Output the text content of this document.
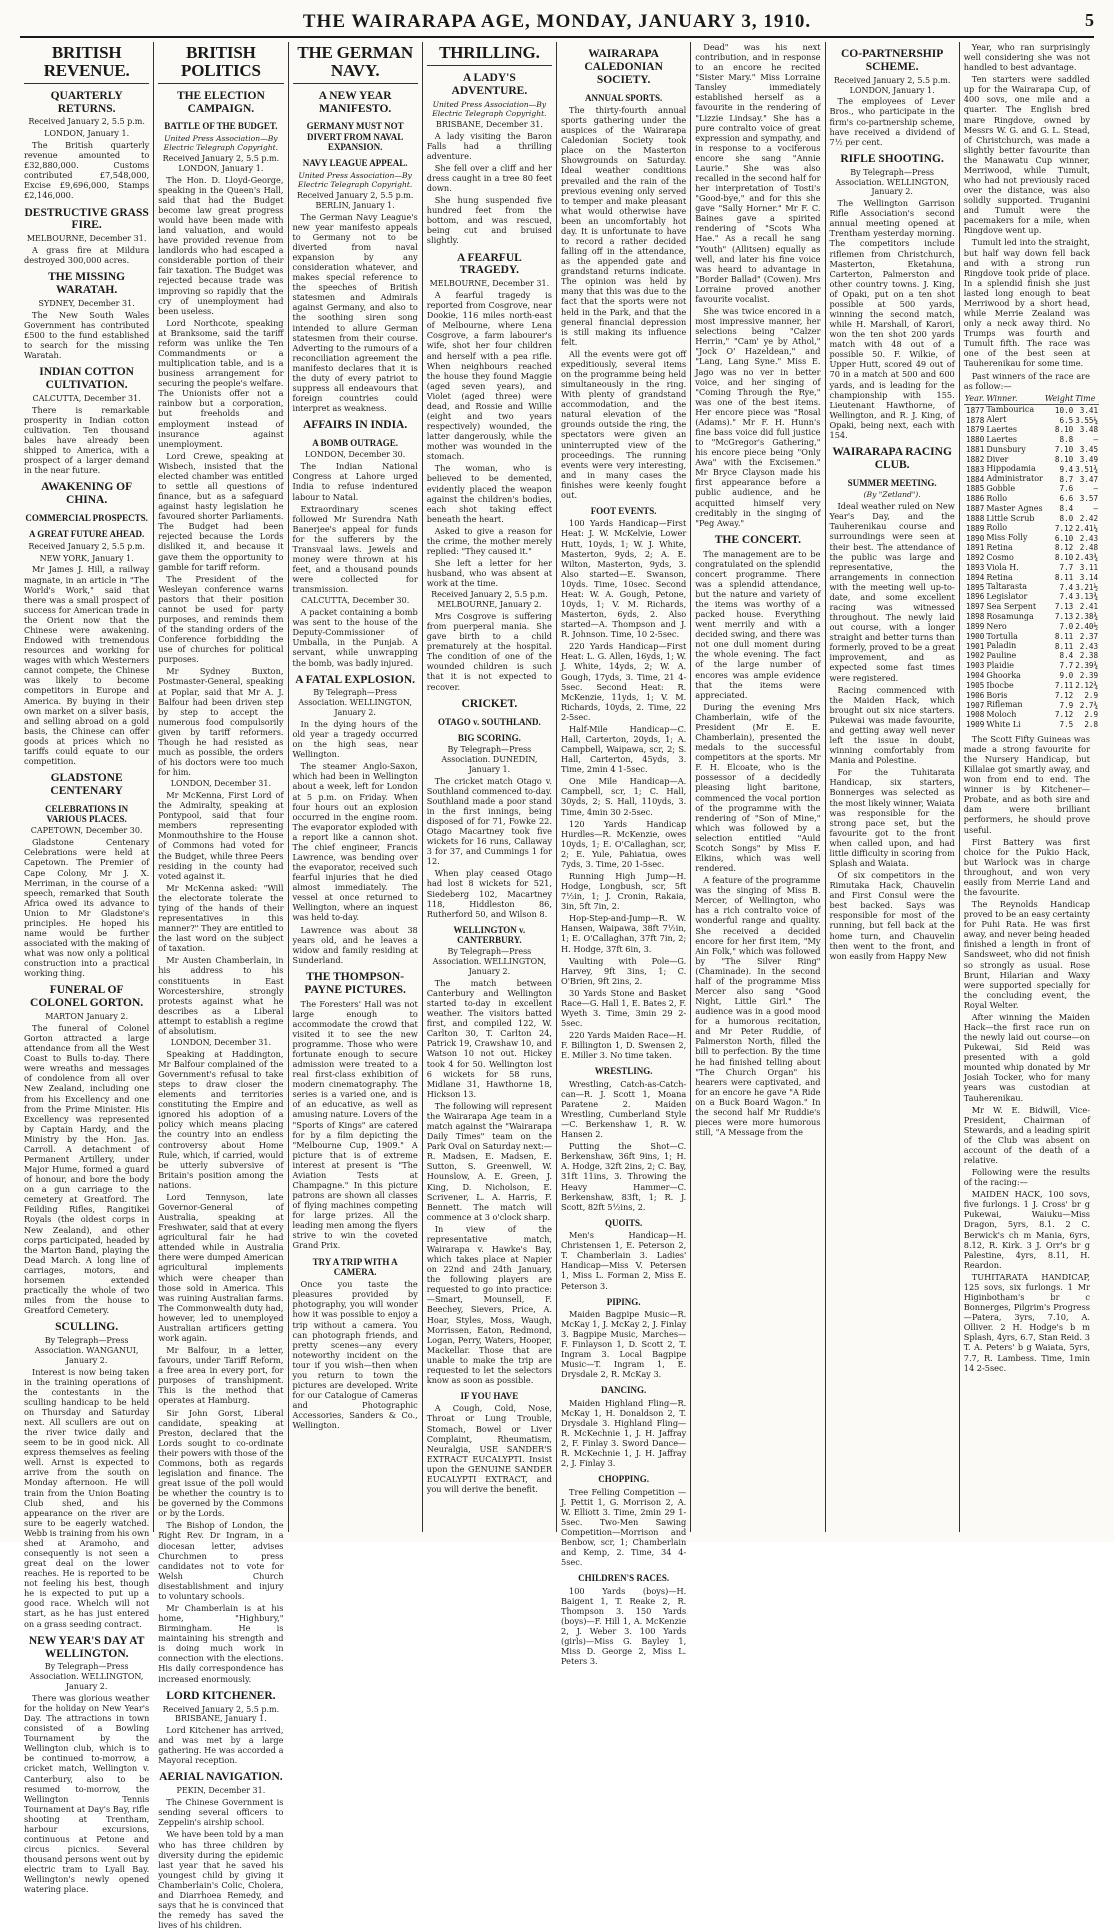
THE WAIRARAPA AGE, MONDAY, JANUARY 3, 1910.	5
BRITISH REVENUE.
QUARTERLY RETURNS.
Received January 2, 5.5 p.m.
LONDON, January 1.

The British quarterly revenue amounted to £32,880,000. Customs contributed £7,548,000, Excise £9,696,000, Stamps £2,146,000.

DESTRUCTIVE GRASS FIRE.
MELBOURNE, December 31.

A grass fire at Mildura destroyed 300,000 acres.

THE MISSING WARATAH.
SYDNEY, December 31.

The New South Wales Government has contributed £500 to the fund established to search for the missing Waratah.

INDIAN COTTON CULTIVATION.
CALCUTTA, December 31.

There is remarkable prosperity in Indian cotton cultivation. Ten thousand bales have already been shipped to America, with a prospect of a larger demand in the near future.

AWAKENING OF CHINA.
COMMERCIAL PROSPECTS.
A GREAT FUTURE AHEAD.
Received January 2, 5.5 p.m.
NEW YORK, January 1.

Mr James J. Hill, a railway magnate, in an article in "The World's Work," said that there was a small prospect of success for American trade in the Orient now that the Chinese were awakening. Endowed with tremendous resources and working for wages with which Westerners cannot compete, the Chinese was likely to become competitors in Europe and America. By buying in their own market on a silver basis, and selling abroad on a gold basis, the Chinese can offer goods at prices which no tariffs could equate to our competition.

GLADSTONE CENTENARY
CELEBRATIONS IN VARIOUS PLACES.
CAPETOWN, December 30.

Gladstone Centenary Celebrations were held at Capetown. The Premier of Cape Colony, Mr J. X. Merriman, in the course of a speech, remarked that South Africa owed its advance to Union to Mr Gladstone's principles. He hoped his name would be further associated with the making of what was now only a political construction into a practical working thing.

FUNERAL OF COLONEL GORTON.
MARTON January 2.

The funeral of Colonel Gorton attracted a large attendance from all the West Coast to Bulls to-day. There were wreaths and messages of condolence from all over New Zealand, including one from his Excellency and one from the Prime Minister. His Excellency was represented by Captain Hardy, and the Ministry by the Hon. Jas. Carroll. A detachment of Permanent Artillery, under Major Hume, formed a guard of honour, and bore the body on a gun carriage to the cemetery at Greatford. The Feilding Rifles, Rangitikei Royals (the oldest corps in New Zealand), and other corps participated, headed by the Marton Band, playing the Dead March. A long line of carriages, motors, and horsemen extended practically the whole of two miles from the house to Greatford Cemetery.

SCULLING.
By Telegraph—Press Association. WANGANUI, January 2.

Interest is now being taken in the training operations of the contestants in the sculling handicap to be held on Thursday and Saturday next. All scullers are out on the river twice daily and seem to be in good nick. All express themselves as feeling well. Arnst is expected to arrive from the south on Monday afternoon. He will train from the Union Boating Club shed, and his appearance on the river are sure to be eagerly watched. Webb is training from his own shed at Aramoho, and consequently is not seen a great deal on the lower reaches. He is reported to be not feeling his best, though he is expected to put up a good race. Whelch will not start, as he has just entered on a grass seeding contract.

NEW YEAR'S DAY AT WELLINGTON.
By Telegraph—Press Association. WELLINGTON, January 2.

There was glorious weather for the holiday on New Year's Day. The attractions in town consisted of a Bowling Tournament by the Wellington club, which is to be continued to-morrow, a cricket match, Wellington v. Canterbury, also to be resumed to-morrow, the Wellington Tennis Tournament at Day's Bay, rifle shooting at Trentham, harbour excursions, continuous at Petone and circus picnics. Several thousand persons went out by electric tram to Lyall Bay. Wellington's newly opened watering place.

BRITISH POLITICS
THE ELECTION CAMPAIGN.
BATTLE OF THE BUDGET.
United Press Association—By Electric Telegraph Copyright.
Received January 2, 5.5 p.m. LONDON, January 1.

The Hon. D. Lloyd-George, speaking in the Queen's Hall, said that had the Budget become law great progress would have been made with land valuation, and would have provided revenue from landlords who had escaped a considerable portion of their fair taxation. The Budget was rejected because trade was improving so rapidly that the cry of unemployment had been useless.

Lord Northcote, speaking at Branksome, said the tariff reform was unlike the Ten Commandments or a multiplication table, and is a business arrangement for securing the people's welfare. The Unionists offer not a rainbow but a corporation, but freeholds and employment instead of insurance against unemployment.

Lord Crewe, speaking at Wisbech, insisted that the elected chamber was entitled to settle all questions of finance, but as a safeguard against hasty legislation he favoured shorter Parliaments. The Budget had been rejected because the Lords disliked it, and because it gave them the opportunity to gamble for tariff reform.

The President of the Wesleyan conference warns pastors that their position cannot be used for party purposes, and reminds them of the standing orders of the Conference forbidding the use of churches for political purposes.

Mr Sydney Buxton, Postmaster-General, speaking at Poplar, said that Mr A. J. Balfour had been driven step by step to accept the numerous food compulsorily given by tariff reformers. Though he had resisted as much as possible, the orders of his doctors were too much for him.

LONDON, December 31.

Mr McKenna, First Lord of the Admiralty, speaking at Pontypool, said that four members representing Monmouthshire to the House of Commons had voted for the Budget, while three Peers residing in the county had voted against it.

Mr McKenna asked: "Will the electorate tolerate the tying of the hands of their representatives in this manner?" They are entitled to the last word on the subject of taxation.

Mr Austen Chamberlain, in his address to his constituents in East Worcestershire, strongly protests against what he describes as a Liberal attempt to establish a regime of absolutism.

LONDON, December 31.

Speaking at Haddington, Mr Balfour complained of the Government's refusal to take steps to draw closer the elements and territories constituting the Empire and ignored his adoption of a policy which means placing the country into an endless controversy about Home Rule, which, if carried, would be utterly subversive of Britain's position among the nations.

Lord Tennyson, late Governor-General of Australia, speaking at Freshwater, said that at every agricultural fair he had attended while in Australia there were dumped American agricultural implements which were cheaper than those sold in America. This was ruining Australian farms. The Commonwealth duty had, however, led to unemployed Australian artificers getting work again.

Mr Balfour, in a letter, favours, under Tariff Reform, a free area in every port, for purposes of transhipment. This is the method that operates at Hamburg.

Sir John Gorst, Liberal candidate, speaking at Preston, declared that the Lords sought to co-ordinate their powers with those of the Commons, both as regards legislation and finance. The great issue of the poll would be whether the country is to be governed by the Commons or by the Lords.

The Bishop of London, the Right Rev. Dr Ingram, in a diocesan letter, advises Churchmen to press candidates not to vote for Welsh Church disestablishment and injury to voluntary schools.

Mr Chamberlain is at his home, "Highbury," Birmingham. He is maintaining his strength and is doing much work in connection with the elections. His daily correspondence has increased enormously.

LORD KITCHENER.
Received January 2, 5.5 p.m. BRISBANE, January 1.

Lord Kitchener has arrived, and was met by a large gathering. He was accorded a Mayoral reception.

AERIAL NAVIGATION.
PEKIN, December 31.

The Chinese Government is sending several officers to Zeppelin's airship school.

We have been told by a man who has three children by diversity during the epidemic last year that he saved his youngest child by giving it Chamberlain's Colic, Cholera, and Diarrhoea Remedy, and says that he is convinced that the remedy has saved the lives of his children.

THE GERMAN NAVY.
A NEW YEAR MANIFESTO.
GERMANY MUST NOT DIVERT FROM NAVAL EXPANSION.
NAVY LEAGUE APPEAL.
United Press Association—By Electric Telegraph Copyright.
Received January 2, 5.5 p.m. BERLIN, January 1.

The German Navy League's new year manifesto appeals to Germany not to be diverted from naval expansion by any consideration whatever, and makes special reference to the speeches of British statesmen and Admirals against Germany, and also to the soothing siren song intended to allure German statesmen from their course. Adverting to the rumours of a reconciliation agreement the manifesto declares that it is the duty of every patriot to suppress all endeavours that foreign countries could interpret as weakness.

AFFAIRS IN INDIA.
A BOMB OUTRAGE.
LONDON, December 30.

The Indian National Congress at Lahore urged India to refuse indentured labour to Natal.

Extraordinary scenes followed Mr Surendra Nath Banerjee's appeal for funds for the sufferers by the Transvaal laws. Jewels and money were thrown at his feet, and a thousand pounds were collected for transmission.

CALCUTTA, December 30.

A packet containing a bomb was sent to the house of the Deputy-Commissioner of Umballa, in the Punjab. A servant, while unwrapping the bomb, was badly injured.

A FATAL EXPLOSION.
By Telegraph—Press Association. WELLINGTON, January 2.

In the dying hours of the old year a tragedy occurred on the high seas, near Wellington.

The steamer Anglo-Saxon, which had been in Wellington about a week, left for London at 5 p.m. on Friday. When four hours out an explosion occurred in the engine room. The evaporator exploded with a report like a cannon shot. The chief engineer, Francis Lawrence, was bending over the evaporator, received such fearful injuries that he died almost immediately. The vessel at once returned to Wellington, where an inquest was held to-day.

Lawrence was about 38 years old, and he leaves a widow and family residing at Sunderland.

THE THOMPSON-PAYNE PICTURES.

The Foresters' Hall was not large enough to accommodate the crowd that visited it to see the new programme. Those who were fortunate enough to secure admission were treated to a real first-class exhibition of modern cinematography. The series is a varied one, and is of an educative, as well as amusing nature. Lovers of the "Sports of Kings" are catered for by a film depicting the "Melbourne Cup, 1909." A picture that is of extreme interest at present is "The Aviation Tests at Champagne." In this picture patrons are shown all classes of flying machines competing for large prizes. All the leading men among the flyers strive to win the coveted Grand Prix.

TRY A TRIP WITH A CAMERA.

Once you taste the pleasures provided by photography, you will wonder how it was possible to enjoy a trip without a camera. You can photograph friends, and pretty scenes—any every noteworthy incident on the tour if you wish—then when you return to town the pictures are developed. Write for our Catalogue of Cameras and Photographic Accessories, Sanders & Co., Wellington.

THRILLING.
A LADY'S ADVENTURE.
United Press Association—By Electric Telegraph Copyright.
BRISBANE, December 31.

A lady visiting the Baron Falls had a thrilling adventure.

She fell over a cliff and her dress caught in a tree 80 feet down.

She hung suspended five hundred feet from the bottom, and was rescued, being cut and bruised slightly.

A FEARFUL TRAGEDY.
MELBOURNE, December 31.

A fearful tragedy is reported from Cosgrove, near Dookie, 116 miles north-east of Melbourne, where Lena Cosgrove, a farm labourer's wife, shot her four children and herself with a pea rifle. When neighbours reached the house they found Maggie (aged seven years), and Violet (aged three) were dead, and Rossie and Willie (eight and two years respectively) wounded, the latter dangerously, while the mother was wounded in the stomach.

The woman, who is believed to be demented, evidently placed the weapon against the children's bodies, each shot taking effect beneath the heart.

Asked to give a reason for the crime, the mother merely replied: "They caused it."

She left a letter for her husband, who was absent at work at the time.

Received January 2, 5.5 p.m. MELBOURNE, January 2.

Mrs Cosgrove is suffering from puerperal mania. She gave birth to a child prematurely at the hospital. The condition of one of the wounded children is such that it is not expected to recover.

CRICKET.
OTAGO v. SOUTHLAND.
BIG SCORING.
By Telegraph—Press Association. DUNEDIN, January 1.

The cricket match Otago v. Southland commenced to-day. Southland made a poor stand in the first innings, being disposed of for 71, Fowke 22. Otago Macartney took five wickets for 16 runs, Callaway 3 for 37, and Cummings 1 for 12.

When play ceased Otago had lost 8 wickets for 521, Siedeberg 102, Macartney 118, Hiddleston 86, Rutherford 50, and Wilson 8.

WELLINGTON v. CANTERBURY.
By Telegraph—Press Association. WELLINGTON, January 2.

The match between Canterbury and Wellington started to-day in excellent weather. The visitors batted first, and compiled 122, W. Carlton 30, T. Carlton 24, Patrick 19, Crawshaw 10, and Watson 10 not out. Hickey took 4 for 50. Wellington lost 6 wickets for 58 runs, Midlane 31, Hawthorne 18, Hickson 13.

The following will represent the Wairarapa Age team in a match against the "Wairarapa Daily Times" team on the Park Oval on Saturday next:—R. Madsen, E. Madsen, E. Sutton, S. Greenwell, W. Hounslow, A. E. Green, J. King, D. Nicholson, E. Scrivener, L. A. Harris, F. Bennett. The match will commence at 3 o'clock sharp.

In view of the representative match, Wairarapa v. Hawke's Bay, which takes place at Napier on 22nd and 24th January, the following players are requested to go into practice:—Smart, Mounsell, F. Beechey, Sievers, Price, A. Hoar, Styles, Moss, Waugh, Morrissen, Eaton, Redmond, Logan, Perry, Waters, Hooper, Mackellar. Those that are unable to make the trip are requested to let the selectors know as soon as possible.

IF YOU HAVE

A Cough, Cold, Nose, Throat or Lung Trouble, Stomach, Bowel or Liver Complaint, Rheumatism, Neuralgia, USE SANDER'S EXTRACT EUCALYPTI. Insist upon the GENUINE SANDER EUCALYPTI EXTRACT, and you will derive the benefit.

WAIRARAPA CALEDONIAN SOCIETY.
ANNUAL SPORTS.

The thirty-fourth annual sports gathering under the auspices of the Wairarapa Caledonian Society took place on the Masterton Showgrounds on Saturday. Ideal weather conditions prevailed and the rain of the previous evening only served to temper and make pleasant what would otherwise have been an uncomfortably hot day. It is unfortunate to have to record a rather decided falling off in the attendance, as the appended gate and grandstand returns indicate. The opinion was held by many that this was due to the fact that the sports were not held in the Park, and that the general financial depression is still making its influence felt.

All the events were got off expeditiously, several items on the programme being held simultaneously in the ring. With plenty of grandstand accommodation, and the natural elevation of the grounds outside the ring, the spectators were given an uninterrupted view of the proceedings. The running events were very interesting, and in many cases the finishes were keenly fought out.

FOOT EVENTS.

100 Yards Handicap—First Heat: J. W. McKelvie, Lower Hutt, 10yds, 1; W. J. White, Masterton, 9yds, 2; A. E. Wilton, Masterton, 9yds, 3. Also started—E. Swanson, 10yds. Time, 10sec. Second Heat: W. A. Gough, Petone, 10yds, 1; V. M. Richards, Masterton, 6yds, 2. Also started—A. Thompson and J. R. Johnson. Time, 10 2-5sec.

220 Yards Handicap—First Heat: L. G. Allen, 16yds, 1; W. J. White, 14yds, 2; W. A. Gough, 17yds, 3. Time, 21 4-5sec. Second Heat: R. McKenzie, 11yds, 1; V. M. Richards, 10yds, 2. Time, 22 2-5sec.

Half-Mile Handicap—C. Hall, Carterton, 20yds, 1; A. Campbell, Waipawa, scr, 2; S. Hall, Carterton, 45yds, 3. Time, 2min 4 1-5sec.

One Mile Handicap—A. Campbell, scr, 1; C. Hall, 30yds, 2; S. Hall, 110yds, 3. Time, 4min 30 2-5sec.

120 Yards Handicap Hurdles—R. McKenzie, owes 10yds, 1; E. O'Callaghan, scr, 2; E. Yule, Pahiatua, owes 7yds, 3. Time, 20 1-5sec.

Running High Jump—H. Hodge, Longbush, scr, 5ft 7½in, 1; J. Cronin, Rakaia, 3in, 5ft 7in, 2.

Hop-Step-and-Jump—R. W. Hansen, Waipawa, 38ft 7½in, 1; E. O'Callaghan, 37ft 7in, 2; H. Hodge, 37ft 6in, 3.

Vaulting with Pole—G. Harvey, 9ft 3ins, 1; C. O'Brien, 9ft 2ins, 2.

30 Yards Stone and Basket Race—G. Hall 1, E. Bates 2, F. Wyeth 3. Time, 3min 29 2-5sec.

220 Yards Maiden Race—H. F. Billington 1, D. Swensen 2, E. Miller 3. No time taken.

WRESTLING.

Wrestling, Catch-as-Catch-can—R. J. Scott 1, Moana Paratene 2. Maiden Wrestling, Cumberland Style—C. Berkenshaw 1, R. W. Hansen 2.

Putting the Shot—C. Berkenshaw, 36ft 9ins, 1; H. A. Hodge, 32ft 2ins, 2; C. Bay, 31ft 11ins, 3. Throwing the Heavy Hammer—C. Berkenshaw, 83ft, 1; R. J. Scott, 82ft 5½ins, 2.

QUOITS.

Men's Handicap—H. Christensen 1, E. Peterson 2, T. Chamberlain 3. Ladies' Handicap—Miss V. Petersen 1, Miss L. Forman 2, Miss E. Peterson 3.

PIPING.

Maiden Bagpipe Music—R. McKay 1, J. McKay 2, J. Finlay 3. Bagpipe Music, Marches—F. Finlayson 1, D. Scott 2, T. Ingram 3. Local Bagpipe Music—T. Ingram 1, E. Drysdale 2, R. McKay 3.

DANCING.

Maiden Highland Fling—R. McKay 1, H. Donaldson 2, T. Drysdale 3. Highland Fling—R. McKechnie 1, J. H. Jaffray 2, F. Finlay 3. Sword Dance—R. McKechnie 1, J. H. Jaffray 2, J. Finlay 3.

CHOPPING.

Tree Felling Competition — J. Pettit 1, G. Morrison 2, A. W. Elliott 3. Time, 2min 29 1-5sec. Two-Men Sawing Competition—Morrison and Benbow, scr, 1; Chamberlain and Kemp, 2. Time, 34 4-5sec.

CHILDREN'S RACES.

100 Yards (boys)—H. Baigent 1, T. Reake 2, R. Thompson 3. 150 Yards (boys)—F. Hill 1, A. McKenzie 2, J. Weber 3. 100 Yards (girls)—Miss G. Bayley 1, Miss D. George 2, Miss L. Peters 3.

Dead" was his next contribution, and in response to an encore he recited "Sister Mary." Miss Lorraine Tansley immediately established herself as a favourite in the rendering of "Lizzie Lindsay." She has a pure contralto voice of great expression and sympathy, and in response to a vociferous encore she sang "Annie Laurie." She was also recalled in the second half for her interpretation of Tosti's "Good-bye," and for this she gave "Sally Horner." Mr F. C. Baines gave a spirited rendering of "Scots Wha Hae." As a recall he sang "Youth" (Allitsen) equally as well, and later his fine voice was heard to advantage in "Border Ballad" (Cowen). Mrs Lorraine proved another favourite vocalist.

She was twice encored in a most impressive manner, her selections being "Calzer Herrin," "Cam' ye by Athol," "Jock O' Hazeldean," and "Lang, Lang Syne." Miss E. Jago was no ver in better voice, and her singing of "Coming Through the Rye," was one of the best items. Her encore piece was "Rosal (Adams)." Mr F. H. Hunn's fine bass voice did full justice to "McGregor's Gathering," his encore piece being "Only Awa" with the Excisemen." Mr Bryce Clayson made his first appearance before a public audience, and he acquitted himself very creditably in the singing of "Peg Away."

THE CONCERT.

The management are to be congratulated on the splendid concert programme. There was a splendid attendance, but the nature and variety of the items was worthy of a packed house. Everything went merrily and with a decided swing, and there was not one dull moment during the whole evening. The fact of the large number of encores was ample evidence that the items were appreciated.

During the evening Mrs Chamberlain, wife of the President (Mr E. E. Chamberlain), presented the medals to the successful competitors at the sports. Mr F. H. Elcoate, who is the possessor of a decidedly pleasing light baritone, commenced the vocal portion of the programme with the rendering of "Son of Mine," which was followed by a selection entitled "Auld Scotch Songs" by Miss F. Elkins, which was well rendered.

A feature of the programme was the singing of Miss B. Mercer, of Wellington, who has a rich contralto voice of wonderful range and quality. She received a decided encore for her first item, "My Ain Folk," which was followed by "The Silver Ring" (Chaminade). In the second half of the programme Miss Mercer also sang "Good Night, Little Girl." The audience was in a good mood for a humorous recitation, and Mr Peter Ruddie, of Palmerston North, filled the bill to perfection. By the time he had finished telling about "The Church Organ" his hearers were captivated, and for an encore he gave "A Ride on a Buck Board Wagon." In the second half Mr Ruddie's pieces were more humorous still, "A Message from the

CO-PARTNERSHIP SCHEME.
Received January 2, 5.5 p.m. LONDON, January 1.

The employees of Lever Bros., who participate in the firm's co-partnership scheme, have received a dividend of 7½ per cent.

RIFLE SHOOTING.
By Telegraph—Press Association. WELLINGTON, January 2.

The Wellington Garrison Rifle Association's second annual meeting opened at Trentham yesterday morning. The competitors include riflemen from Christchurch, Masterton, Eketahuna, Carterton, Palmerston and other country towns. J. King, of Opaki, put on a ten shot possible at 500 yards, winning the second match, while H. Marshall, of Karori, won the ten shot 200 yards match with 48 out of a possible 50. F. Wilkie, of Upper Hutt, scored 49 out of 70 in a match at 500 and 600 yards, and is leading for the championship with 155. Lieutenant Hawthorne, of Wellington, and R. J. King, of Opaki, being next, each with 154.

WAIRARAPA RACING CLUB.
SUMMER MEETING.
(By "Zetland").

Ideal weather ruled on New Year's Day, and the Tauherenikau course and surroundings were seen at their best. The attendance of the public was large and representative, the arrangements in connection with the meeting well up-to-date, and some excellent racing was witnessed throughout. The newly laid out course, with a longer straight and better turns than formerly, proved to be a great improvement, and as expected some fast times were registered.

Racing commenced with the Maiden Hack, which brought out six nice starters. Pukewai was made favourite, and getting away well never left the issue in doubt, winning comfortably from Mania and Polestine.

For the Tuhitarata Handicap, six starters, Bonnerges was selected as the most likely winner, Waiata was responsible for the strong pace set, but the favourite got to the front when called upon, and had little difficulty in scoring from Splash and Waiata.

Of six competitors in the Rimutaka Hack, Chauvelin and First Consul were the best backed. Says was responsible for most of the running, but fell back at the home turn, and Chauvelin then went to the front, and won easily from Happy New

Year, who ran surprisingly well considering she was not handled to best advantage.

Ten starters were saddled up for the Wairarapa Cup, of 400 sovs, one mile and a quarter. The English bred mare Ringdove, owned by Messrs W. G. and G. L. Stead, of Christchurch, was made a slightly better favourite than the Manawatu Cup winner, Merriwood, while Tumult, who had not previously raced over the distance, was also solidly supported. Truganini and Tumult were the pacemakers for a mile, when Ringdove went up.

Tumult led into the straight, but half way down fell back and with a strong run Ringdove took pride of place. In a splendid finish she just lasted long enough to beat Merriwood by a short head, while Merrie Zealand was only a neck away third. No Trumps was fourth and Tumult fifth. The race was one of the best seen at Tauherenikau for some time.

Past winners of the race are as follow:—

Year.	Winner.	Weight	Time
1877	Tambourica	10.0	3.41
1878	Alert	6.5	3.55¼
1879	Laertes	8.10	3.48
1880	Laertes	8.8	—
1881	Dunsbury	7.10	3.45
1882	Diver	8.10	3.49
1883	Hippodamia	9.4	3.51¾
1884	Administrator	8.7	3.47
1885	Gobble	7.6	—
1886	Rollo	6.6	3.57
1887	Master Agnes	8.4	—
1888	Little Scrub	8.0	2.42
1889	Rollo	7.12	2.41¼
1890	Miss Folly	6.10	2.43
1891	Retina	8.12	2.48
1892	Cosmo	8.10	2.43¾
1893	Viola H.	7.7	3.11
1894	Retina	8.11	3.14
1895	Taltarasta	7.4	3.21½
1896	Legislator	7.4	3.13¾
1897	Sea Serpent	7.13	2.41
1898	Rosamunga	7.13	2.38¾
1899	Nero	7.0	2.40½
1900	Tortulla	8.11	2.37
1901	Paladin	8.11	2.43
1902	Pauline	8.4	2.38
1903	Plaidie	7.7	2.39¾
1904	Ghoorka	9.0	2.39
1905	Ibocbe	7.11	2.12¾
1906	Boris	7.12	2.9
1907	Rifleman	7.9	2.7¾
1908	Moloch	7.12	2.9
1909	White Li	7.5	2.8

The Scott Fifty Guineas was made a strong favourite for the Nursery Handicap, but Killalae got smartly away, and won from end to end. The winner is by Kitchener—Probate, and as both sire and dam were brilliant performers, he should prove useful.

First Battery was first choice for the Pukio Hack, but Warlock was in charge throughout, and won very easily from Merrie Land and the favourite.

The Reynolds Handicap proved to be an easy certainty for Puhi Rata. He was first away, and never being headed finished a length in front of Sandsweet, who did not finish so strongly as usual. Rose Brunt, Hilarian and Waxy were supported specially for the concluding event, the Royal Welter.

After winning the Maiden Hack—the first race run on the newly laid out course—on Pukewai, Sid Reid was presented with a gold mounted whip donated by Mr Josiah Tocker, who for many years was custodian at Tauherenikau.

Mr W. E. Bidwill, Vice-President, Chairman of Stewards, and a leading spirit of the Club was absent on account of the death of a relative.

Following were the results of the racing:—

MAIDEN HACK, 100 sovs, five furlongs. 1 J. Cross' br g Pukewai, Waiuku—Miss Dragon, 5yrs, 8.1. 2 C. Berwick's ch m Mania, 6yrs, 8.12, R. Kirk. 3 J. Orr's br g Palestine, 4yrs, 8.11, H. Reardon.

TUHITARATA HANDICAP, 125 sovs, six furlongs. 1 Mr Higinbotham's br c Bonnerges, Pilgrim's Progress—Patera, 3yrs, 7.10, A. Olliver. 2 H. Hodge's b m Splash, 4yrs, 6.7, Stan Reid. 3 T. A. Peters' b g Waiata, 5yrs, 7.7, R. Lambess. Time, 1min 14 2-5sec.
